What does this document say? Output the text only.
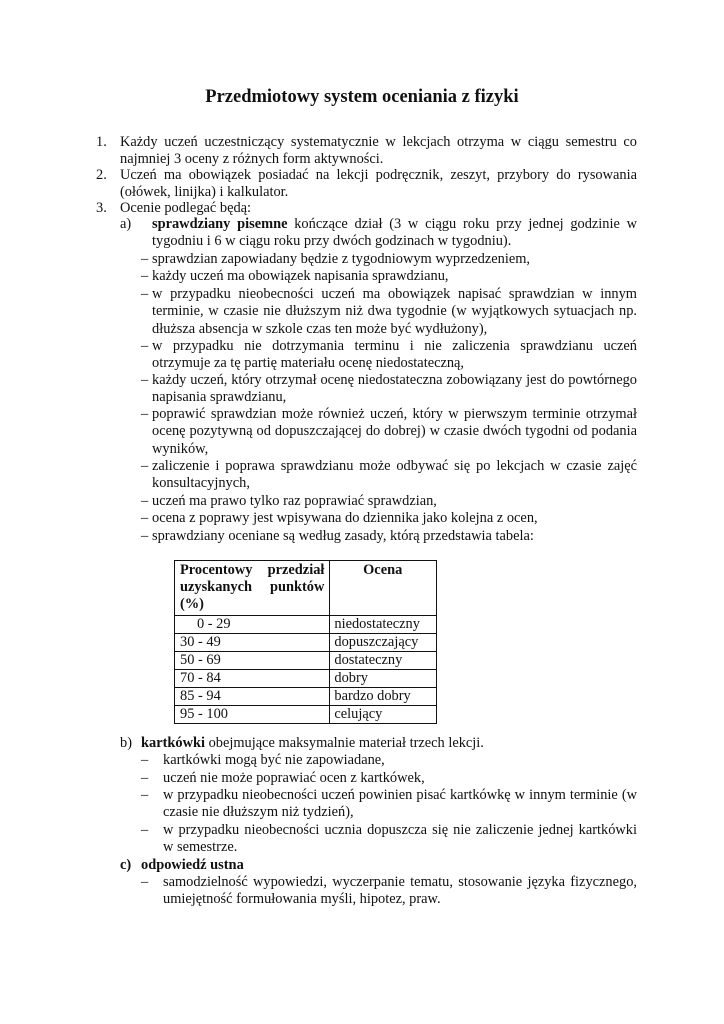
Przedmiotowy system oceniania z fizyki
1. Każdy uczeń uczestniczący systematycznie w lekcjach otrzyma w ciągu semestru co najmniej 3 oceny z różnych form aktywności.
2. Uczeń ma obowiązek posiadać na lekcji podręcznik, zeszyt, przybory do rysowania (ołówek, linijka) i kalkulator.
3. Ocenie podlegać będą:
a) sprawdziany pisemne kończące dział (3 w ciągu roku przy jednej godzinie w tygodniu i 6 w ciągu roku przy dwóch godzinach w tygodniu).
– sprawdzian zapowiadany będzie z tygodniowym wyprzedzeniem,
– każdy uczeń ma obowiązek napisania sprawdzianu,
– w przypadku nieobecności uczeń ma obowiązek napisać sprawdzian w innym terminie, w czasie nie dłuższym niż dwa tygodnie (w wyjątkowych sytuacjach np. dłuższa absencja w szkole czas ten może być wydłużony),
– w przypadku nie dotrzymania terminu i nie zaliczenia sprawdzianu uczeń otrzymuje za tę partię materiału ocenę niedostateczną,
– każdy uczeń, który otrzymał ocenę niedostateczna zobowiązany jest do powtórnego napisania sprawdzianu,
– poprawić sprawdzian może również uczeń, który w pierwszym terminie otrzymał ocenę pozytywną od dopuszczającej do dobrej) w czasie dwóch tygodni od podania wyników,
– zaliczenie i poprawa sprawdzianu może odbywać się po lekcjach w czasie zajęć konsultacyjnych,
– uczeń ma prawo tylko raz poprawiać sprawdzian,
– ocena z poprawy jest wpisywana do dziennika jako kolejna z ocen,
– sprawdziany oceniane są według zasady, którą przedstawia tabela:
Procentowy przedział uzyskanych punktów (%)	Ocena
0 - 29	niedostateczny
30 - 49	dopuszczający
50 - 69	dostateczny
70 - 84	dobry
85 - 94	bardzo dobry
95 - 100	celujący
b) kartkówki obejmujące maksymalnie materiał trzech lekcji.
– kartkówki mogą być nie zapowiadane,
– uczeń nie może poprawiać ocen z kartkówek,
– w przypadku nieobecności uczeń powinien pisać kartkówkę w innym terminie (w czasie nie dłuższym niż tydzień),
– w przypadku nieobecności ucznia dopuszcza się nie zaliczenie jednej kartkówki w semestrze.
c) odpowiedź ustna
– samodzielność wypowiedzi, wyczerpanie tematu, stosowanie języka fizycznego, umiejętność formułowania myśli, hipotez, praw.
